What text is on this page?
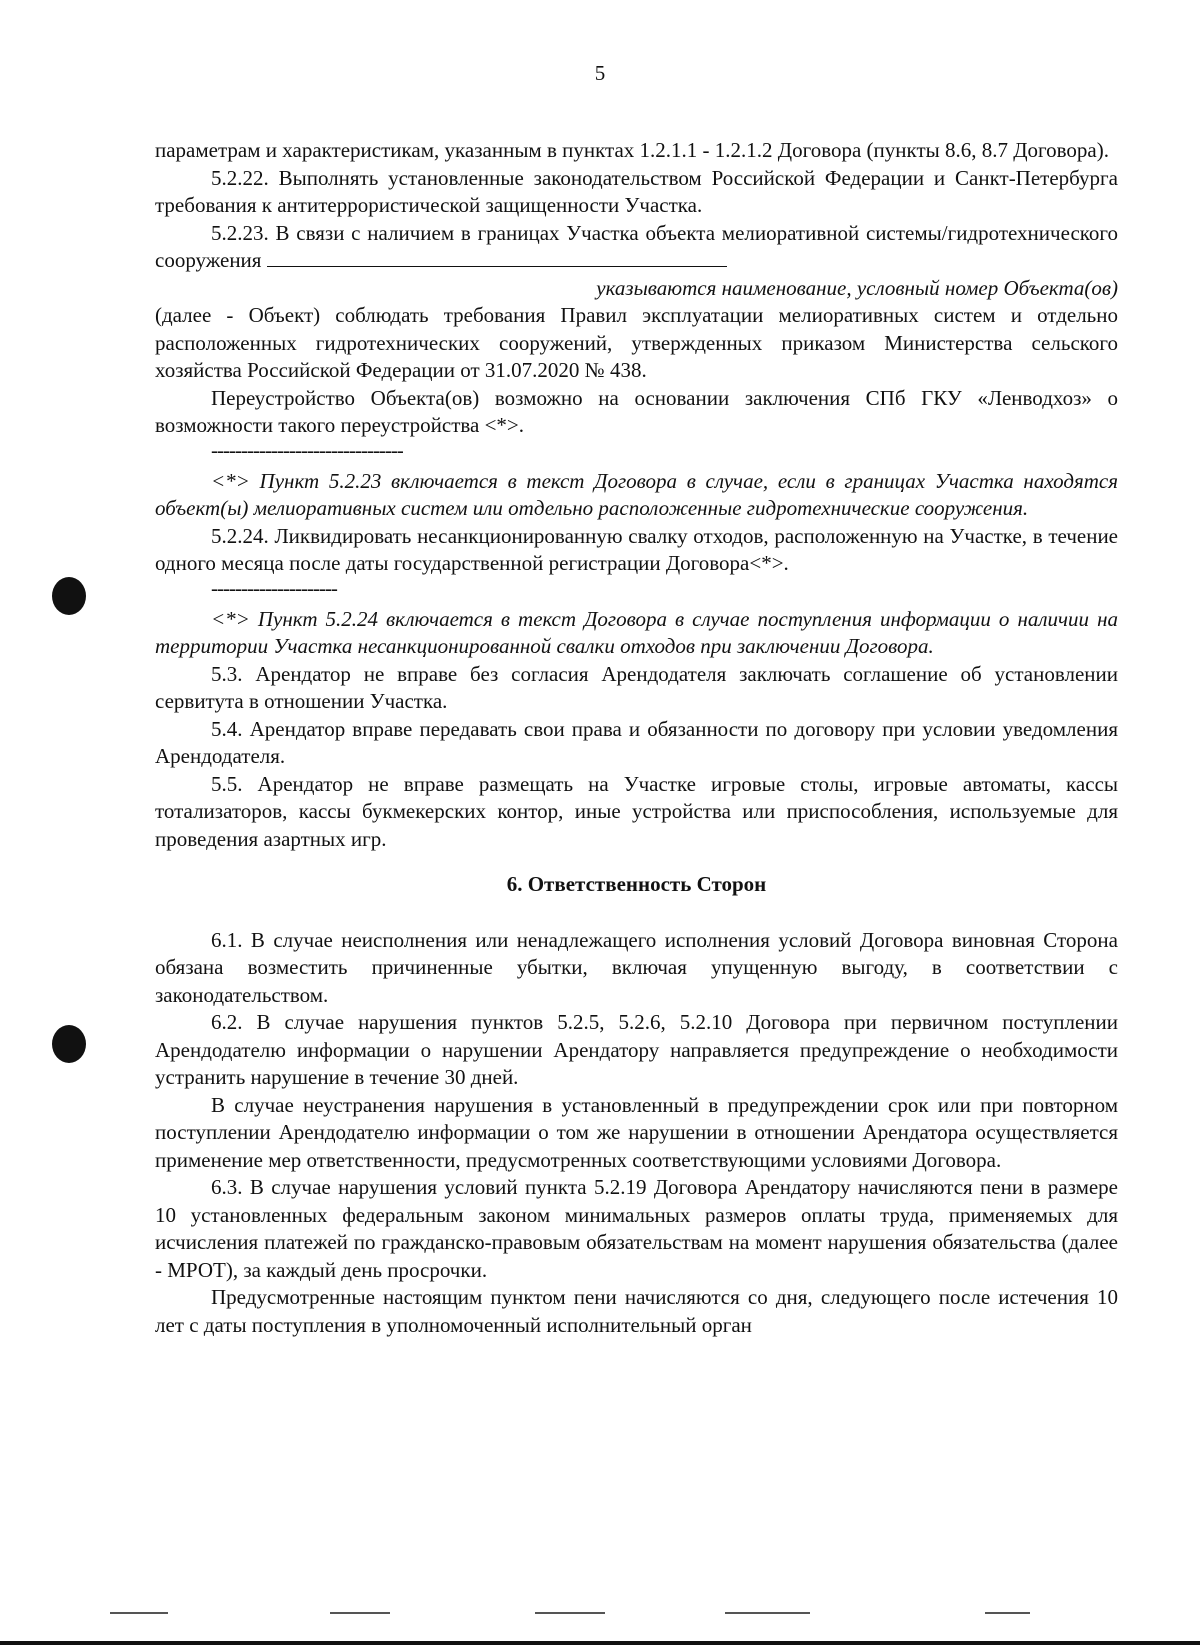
5

параметрам и характеристикам, указанным в пунктах 1.2.1.1 - 1.2.1.2 Договора (пункты 8.6, 8.7 Договора).

5.2.22. Выполнять установленные законодательством Российской Федерации и Санкт-Петербурга требования к антитеррористической защищенности Участка.

5.2.23. В связи с наличием в границах Участка объекта мелиоративной системы/гидротехнического сооружения

указываются наименование, условный номер Объекта(ов)

(далее - Объект) соблюдать требования Правил эксплуатации мелиоративных систем и отдельно расположенных гидротехнических сооружений, утвержденных приказом Министерства сельского хозяйства Российской Федерации от 31.07.2020 № 438.

Переустройство Объекта(ов) возможно на основании заключения СПб ГКУ «Ленводхоз» о возможности такого переустройства <*>.

--------------------------------

<*> Пункт 5.2.23 включается в текст Договора в случае, если в границах Участка находятся объект(ы) мелиоративных систем или отдельно расположенные гидротехнические сооружения.

5.2.24. Ликвидировать несанкционированную свалку отходов, расположенную на Участке, в течение одного месяца после даты государственной регистрации Договора<*>.

---------------------

<*> Пункт 5.2.24 включается в текст Договора в случае поступления информации о наличии на территории Участка несанкционированной свалки отходов при заключении Договора.

5.3. Арендатор не вправе без согласия Арендодателя заключать соглашение об установлении сервитута в отношении Участка.

5.4. Арендатор вправе передавать свои права и обязанности по договору при условии уведомления Арендодателя.

5.5. Арендатор не вправе размещать на Участке игровые столы, игровые автоматы, кассы тотализаторов, кассы букмекерских контор, иные устройства или приспособления, используемые для проведения азартных игр.

6. Ответственность Сторон

6.1. В случае неисполнения или ненадлежащего исполнения условий Договора виновная Сторона обязана возместить причиненные убытки, включая упущенную выгоду, в соответствии с законодательством.

6.2. В случае нарушения пунктов 5.2.5, 5.2.6, 5.2.10 Договора при первичном поступлении Арендодателю информации о нарушении Арендатору направляется предупреждение о необходимости устранить нарушение в течение 30 дней.

В случае неустранения нарушения в установленный в предупреждении срок или при повторном поступлении Арендодателю информации о том же нарушении в отношении Арендатора осуществляется применение мер ответственности, предусмотренных соответствующими условиями Договора.

6.3. В случае нарушения условий пункта 5.2.19 Договора Арендатору начисляются пени в размере 10 установленных федеральным законом минимальных размеров оплаты труда, применяемых для исчисления платежей по гражданско-правовым обязательствам на момент нарушения обязательства (далее - МРОТ), за каждый день просрочки.

Предусмотренные настоящим пунктом пени начисляются со дня, следующего после истечения 10 лет с даты поступления в уполномоченный исполнительный орган
